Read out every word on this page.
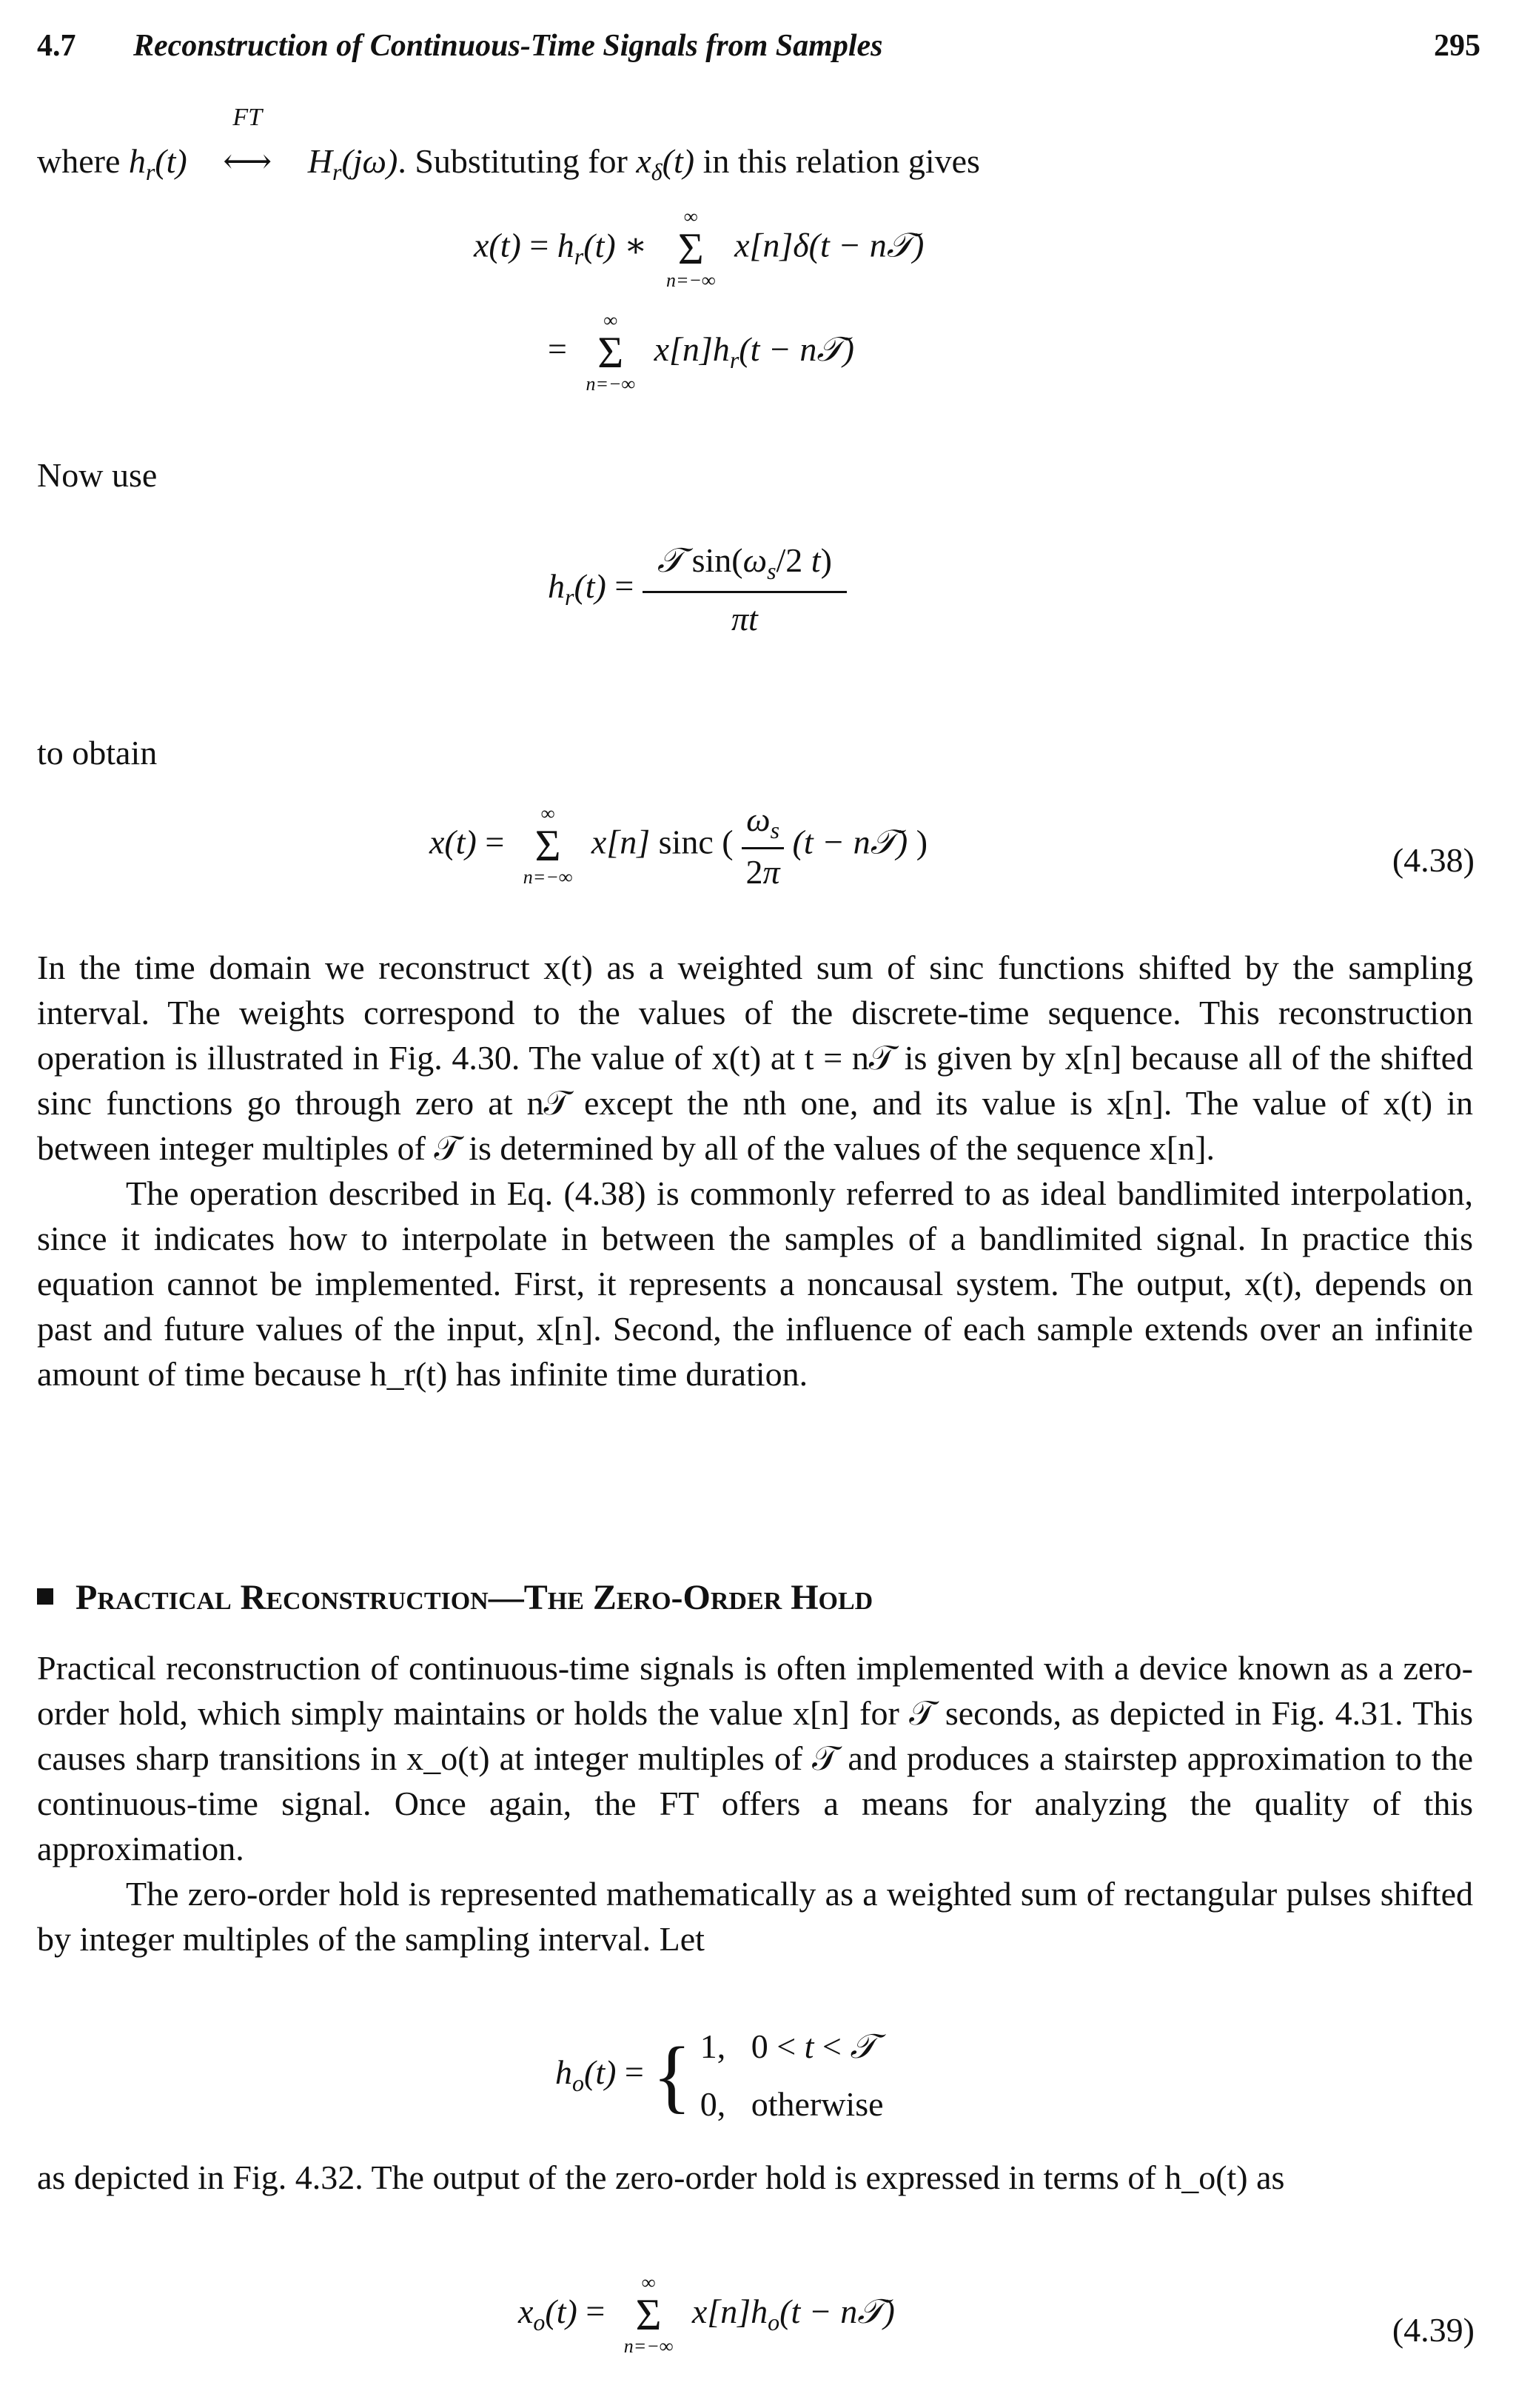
4.7 Reconstruction of Continuous-Time Signals from Samples	295
where $h_r(t)$
FT
⟷ $H_r(j\omega)$. Substituting for $x_\delta(t)$ in this relation gives
$x(t) = h_r(t)$ ∗
∞
Σ
n=−∞
x[n]δ(t − n𝒯)
=
∞
Σ
n=−∞
$x[n]h_r(t$ − n𝒯)
Now use
$h_r(t) = \frac{𝒯 \sin(\omega_s/2 t)}{\pi t}$
to obtain
x(t) =
∞
Σ
n=−∞
x[n] sinc ( $\frac{\omega_s}{2\pi} (t$ − n𝒯) )	(4.38)

In the time domain we reconstruct x(t) as a weighted sum of sinc functions shifted by the sampling interval. The weights correspond to the values of the discrete-time sequence. This reconstruction operation is illustrated in Fig. 4.30. The value of x(t) at t = n𝒯 is given by x[n] because all of the shifted sinc functions go through zero at n𝒯 except the nth one, and its value is x[n]. The value of x(t) in between integer multiples of 𝒯 is determined by all of the values of the sequence x[n].

The operation described in Eq. (4.38) is commonly referred to as ideal bandlimited interpolation, since it indicates how to interpolate in between the samples of a bandlimited signal. In practice this equation cannot be implemented. First, it represents a noncausal system. The output, x(t), depends on past and future values of the input, x[n]. Second, the influence of each sample extends over an infinite amount of time because h_r(t) has infinite time duration.

Practical Reconstruction—The Zero-Order Hold

Practical reconstruction of continuous-time signals is often implemented with a device known as a zero-order hold, which simply maintains or holds the value x[n] for 𝒯 seconds, as depicted in Fig. 4.31. This causes sharp transitions in x_o(t) at integer multiples of 𝒯 and produces a stairstep approximation to the continuous-time signal. Once again, the FT offers a means for analyzing the quality of this approximation.

The zero-order hold is represented mathematically as a weighted sum of rectangular pulses shifted by integer multiples of the sampling interval. Let

$h_o(t)$ = { 1,   0 < t < 𝒯
0,   otherwise

as depicted in Fig. 4.32. The output of the zero-order hold is expressed in terms of h_o(t) as

$x_o(t)$ =
∞
Σ
n=−∞
$x[n]h_o(t$ − n𝒯)	(4.39)
